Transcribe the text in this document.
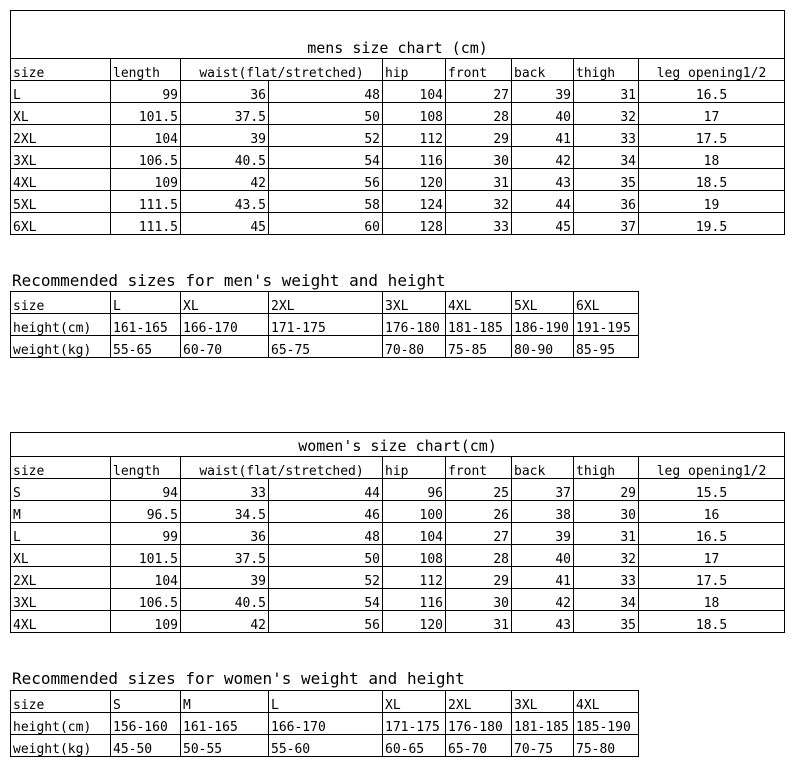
mens size chart (cm)								
size	length	waist(flat/stretched)		hip	front	back	thigh	leg opening1/2
L	99	36	48	104	27	39	31	16.5
XL	101.5	37.5	50	108	28	40	32	17
2XL	104	39	52	112	29	41	33	17.5
3XL	106.5	40.5	54	116	30	42	34	18
4XL	109	42	56	120	31	43	35	18.5
5XL	111.5	43.5	58	124	32	44	36	19
6XL	111.5	45	60	128	33	45	37	19.5
Recommended sizes for men's weight and height
size	L	XL	2XL	3XL	4XL	5XL	6XL
height(cm)	161-165	166-170	171-175	176-180	181-185	186-190	191-195
weight(kg)	55-65	60-70	65-75	70-80	75-85	80-90	85-95
women's size chart(cm)								
size	length	waist(flat/stretched)		hip	front	back	thigh	leg opening1/2
S	94	33	44	96	25	37	29	15.5
M	96.5	34.5	46	100	26	38	30	16
L	99	36	48	104	27	39	31	16.5
XL	101.5	37.5	50	108	28	40	32	17
2XL	104	39	52	112	29	41	33	17.5
3XL	106.5	40.5	54	116	30	42	34	18
4XL	109	42	56	120	31	43	35	18.5
Recommended sizes for women's weight and height
size	S	M	L	XL	2XL	3XL	4XL
height(cm)	156-160	161-165	166-170	171-175	176-180	181-185	185-190
weight(kg)	45-50	50-55	55-60	60-65	65-70	70-75	75-80
